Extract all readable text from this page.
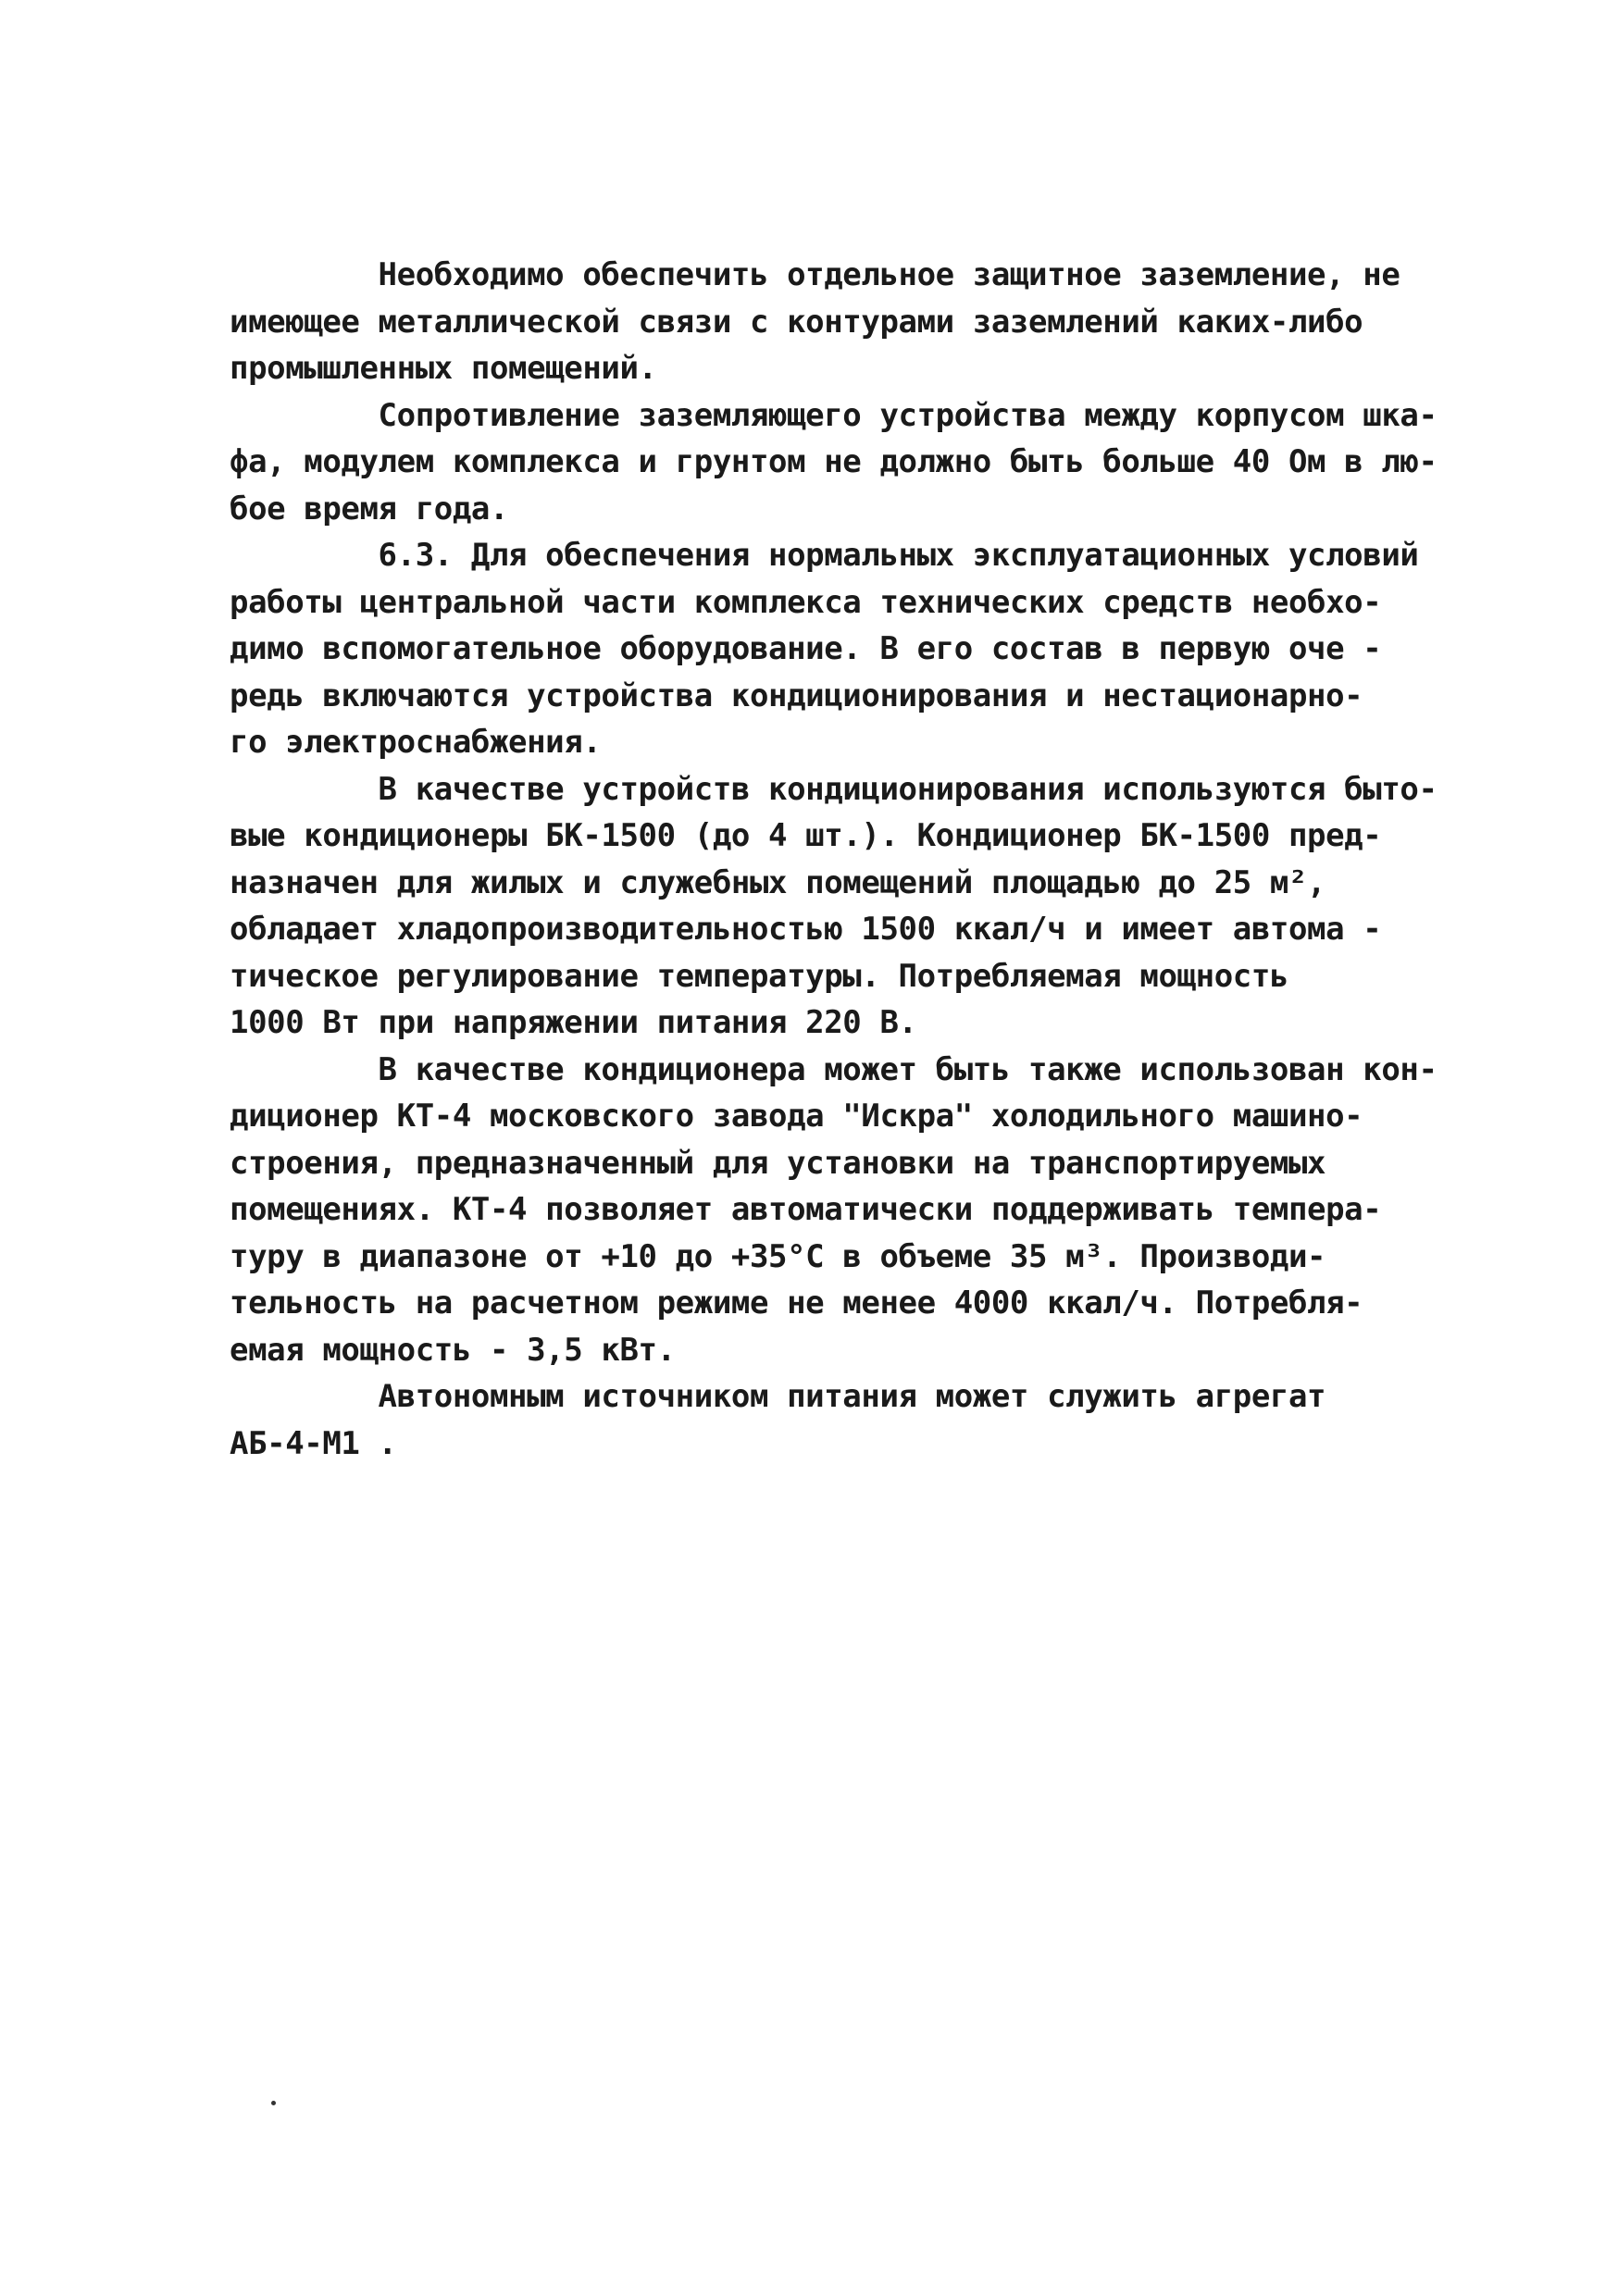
Необходимо обеспечить отдельное защитное заземление, не
имеющее металлической связи с контурами заземлений каких-либо
промышленных помещений.
Сопротивление заземляющего устройства между корпусом шка-
фа, модулем комплекса и грунтом не должно быть больше 40 Ом в лю-
бое время года.
6.3. Для обеспечения нормальных эксплуатационных условий
работы центральной части комплекса технических средств необхо-
димо вспомогательное оборудование. В его состав в первую оче -
редь включаются устройства кондиционирования и нестационарно-
го электроснабжения.
В качестве устройств кондиционирования используются быто-
вые кондиционеры БК-1500 (до 4 шт.). Кондиционер БК-1500 пред-
назначен для жилых и служебных помещений площадью до 25 м²,
обладает хладопроизводительностью 1500 ккал/ч и имеет автома -
тическое регулирование температуры. Потребляемая мощность
1000 Вт при напряжении питания 220 В.
В качестве кондиционера может быть также использован кон-
диционер КТ-4 московского завода "Искра" холодильного машино-
строения, предназначенный для установки на транспортируемых
помещениях. КТ-4 позволяет автоматически поддерживать темпера-
туру в диапазоне от +10 до +35°С в объеме 35 м³. Производи-
тельность на расчетном режиме не менее 4000 ккал/ч. Потребля-
емая мощность - 3,5 кВт.
Автономным источником питания может служить агрегат
АБ-4-М1 .
